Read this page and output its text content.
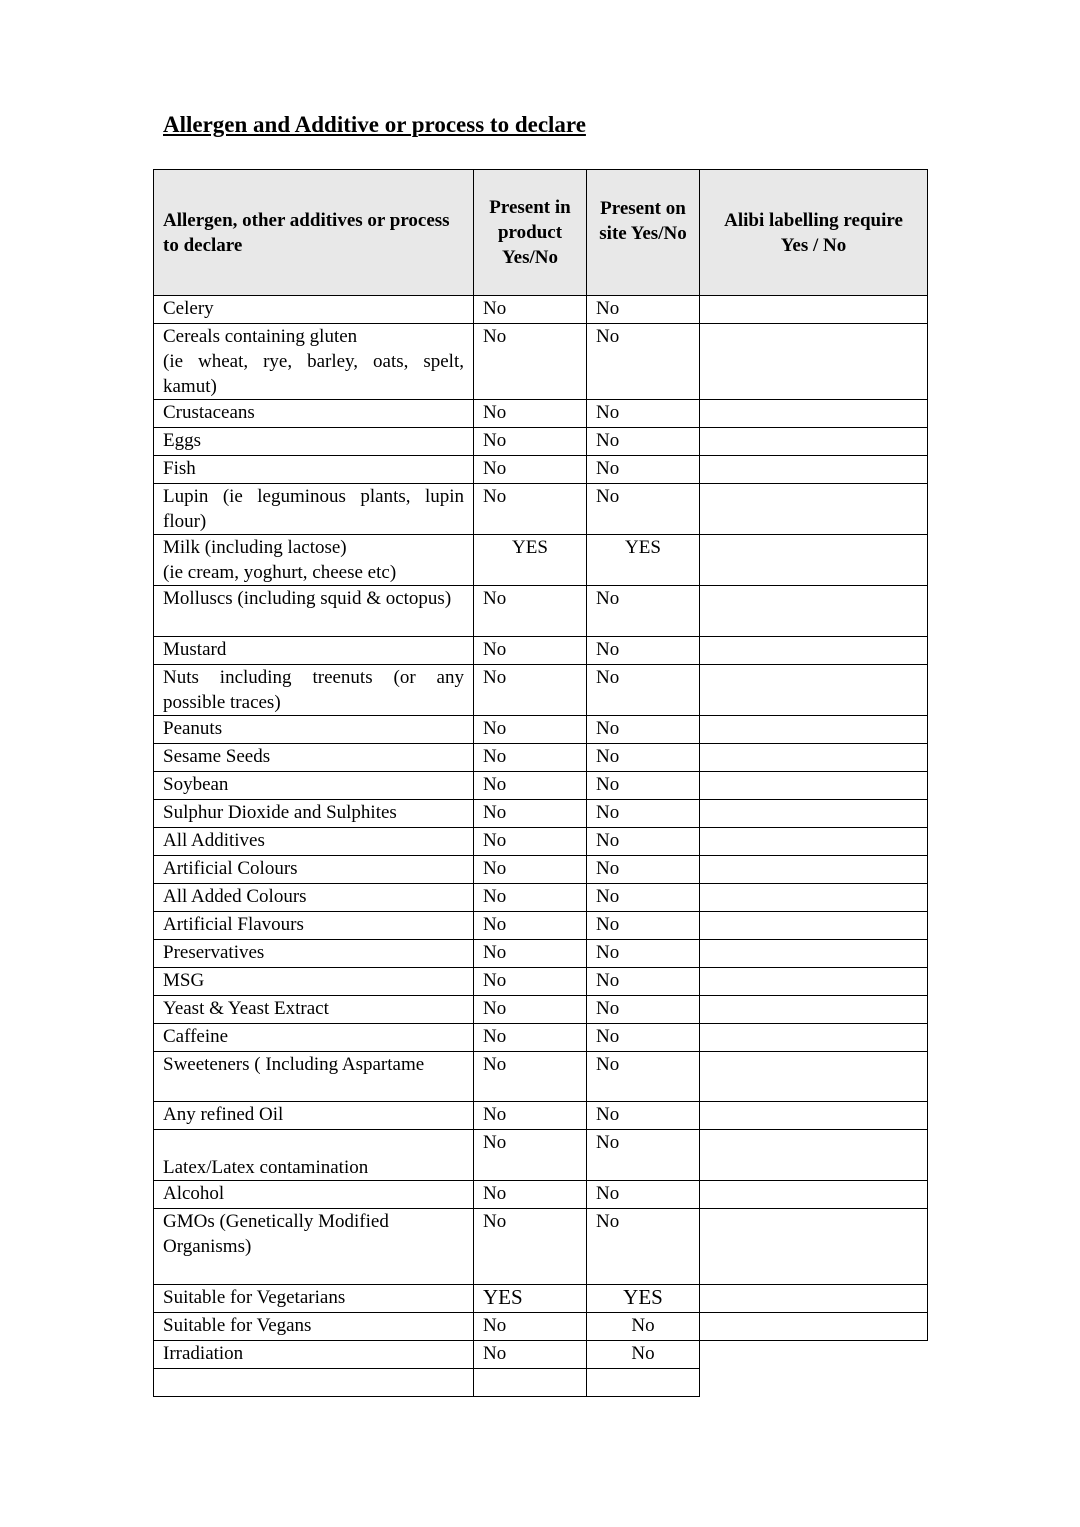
Allergen and Additive or process to declare
Allergen, other additives or process to declare	Present in product Yes/No	Present on site Yes/No	Alibi labelling require Yes / No
Celery	No	No	
Cereals containing gluten
(ie wheat, rye, barley, oats, spelt, kamut)	No	No	
Crustaceans	No	No	
Eggs	No	No	
Fish	No	No	
Lupin (ie leguminous plants, lupin flour)	No	No	
Milk (including lactose)
(ie cream, yoghurt, cheese etc)	YES	YES	
Molluscs (including squid & octopus)	No	No	
Mustard	No	No	
Nuts including treenuts (or any possible traces)	No	No	
Peanuts	No	No	
Sesame Seeds	No	No	
Soybean	No	No	
Sulphur Dioxide and Sulphites	No	No	
All Additives	No	No	
Artificial Colours	No	No	
All Added Colours	No	No	
Artificial Flavours	No	No	
Preservatives	No	No	
MSG	No	No	
Yeast & Yeast Extract	No	No	
Caffeine	No	No	
Sweeteners ( Including Aspartame	No	No	
Any refined Oil	No	No	

Latex/Latex contamination	No	No	
Alcohol	No	No	
GMOs (Genetically Modified Organisms)	No	No	
Suitable for Vegetarians	YES	YES	
Suitable for Vegans	No	No	
Irradiation	No	No	
